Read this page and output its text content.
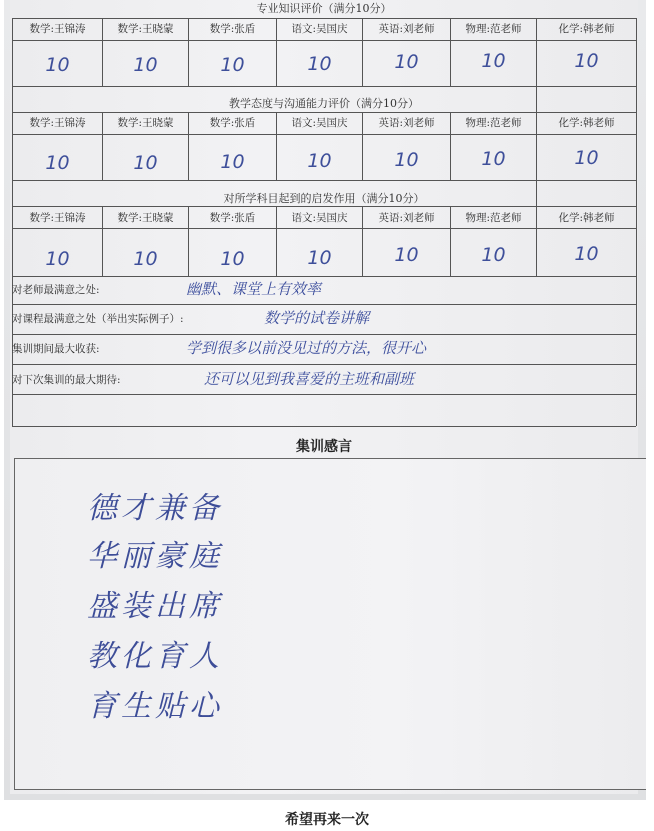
专业知识评价（满分10分）
教学态度与沟通能力评价（满分10分）
对所学科目起到的启发作用（满分10分）
数学:王锦涛	数学:王晓蒙	数学:张盾	语文:吴国庆	英语:刘老师	物理:范老师	化学:韩老师
10	10	10	10	10	10	10
数学:王锦涛	数学:王晓蒙	数学:张盾	语文:吴国庆	英语:刘老师	物理:范老师	化学:韩老师
10	10	10	10	10	10	10
数学:王锦涛	数学:王晓蒙	数学:张盾	语文:吴国庆	英语:刘老师	物理:范老师	化学:韩老师
10	10	10	10	10	10	10
对老师最满意之处:	幽默、课堂上有效率
对课程最满意之处（举出实际例子）:	数学的试卷讲解
集训期间最大收获:	学到很多以前没见过的方法，很开心
对下次集训的最大期待:	还可以见到我喜爱的主班和副班
集训感言
德才兼备
华丽豪庭
盛装出席
教化育人
育生贴心
希望再来一次
